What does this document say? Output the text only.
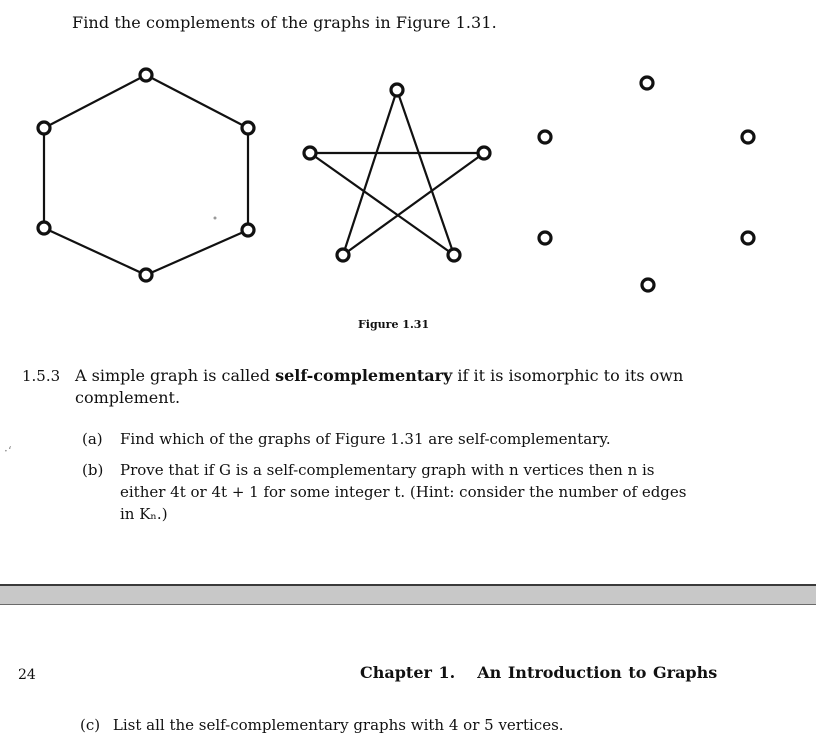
Find the complements of the graphs in Figure 1.31.
Figure 1.31
1.5.3 A simple graph is called self-complementary if it is isomorphic to its own complement.
·‘
(a) Find which of the graphs of Figure 1.31 are self-complementary.
(b) Prove that if G is a self-complementary graph with n vertices then n is
either 4t or 4t + 1 for some integer t. (Hint: consider the number of edges
in Kₙ.)
24	Chapter 1. An Introduction to Graphs
(c) List all the self-complementary graphs with 4 or 5 vertices.
